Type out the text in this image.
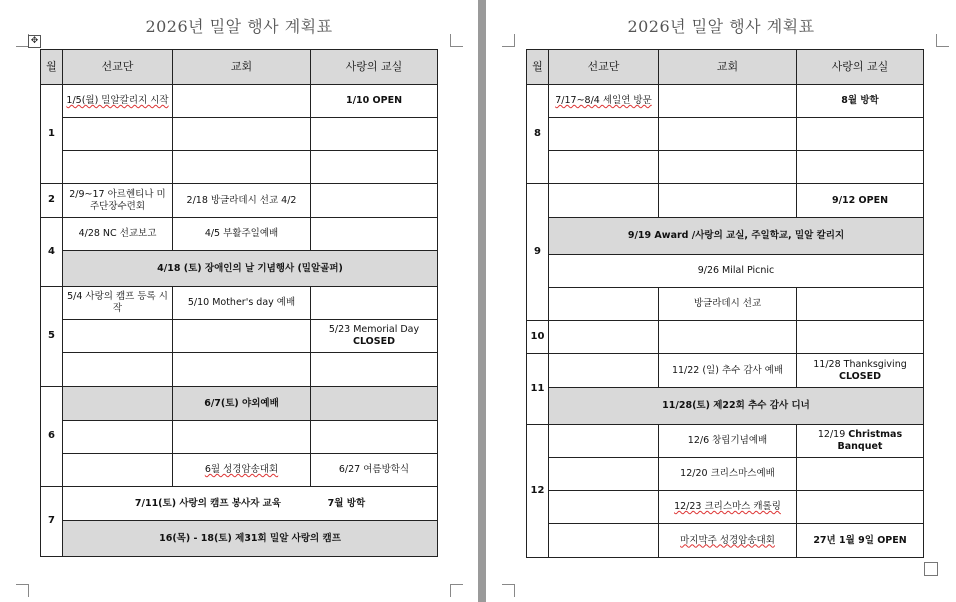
✥
2026년 밀알 행사 계획표
월	선교단	교회	사랑의 교실
1	1/5(월) 밀알칼리지 시작		1/10 OPEN

2	2/9~17 아르헨티나 미주단장수련회	2/18 방글라데시 선교 4/2	
4	4/28 NC 선교보고	4/5 부활주일예배	
	4/18 (토) 장애인의 날 기념행사 (밀알골퍼)		
5	5/4 사랑의 캠프 등록 시작	5/10 Mother's day 예배	
			5/23 Memorial Day CLOSED

6		6/7(토) 야외예배	

		6월 성경암송대회	6/27 여름방학식
7	7/11(토) 사랑의 캠프 봉사자 교육 7월 방학		
	16(목) - 18(토) 제31회 밀알 사랑의 캠프		
2026년 밀알 행사 계획표
월	선교단	교회	사랑의 교실
8	7/17~8/4 세일연 방문		8월 방학

9			9/12 OPEN
	9/19 Award /사랑의 교실, 주일학교, 밀알 칼리지		
	9/26 Milal Picnic		
		방글라데시 선교	
10			
11		11/22 (일) 추수 감사 예배	11/28 Thanksgiving
CLOSED
	11/28(토) 제22회 추수 감사 디너		
12		12/6 창립기념예배	12/19 Christmas Banquet
		12/20 크리스마스예배	
		12/23 크리스마스 캐롤링	
		마지막주 성경암송대회	27년 1월 9일 OPEN
